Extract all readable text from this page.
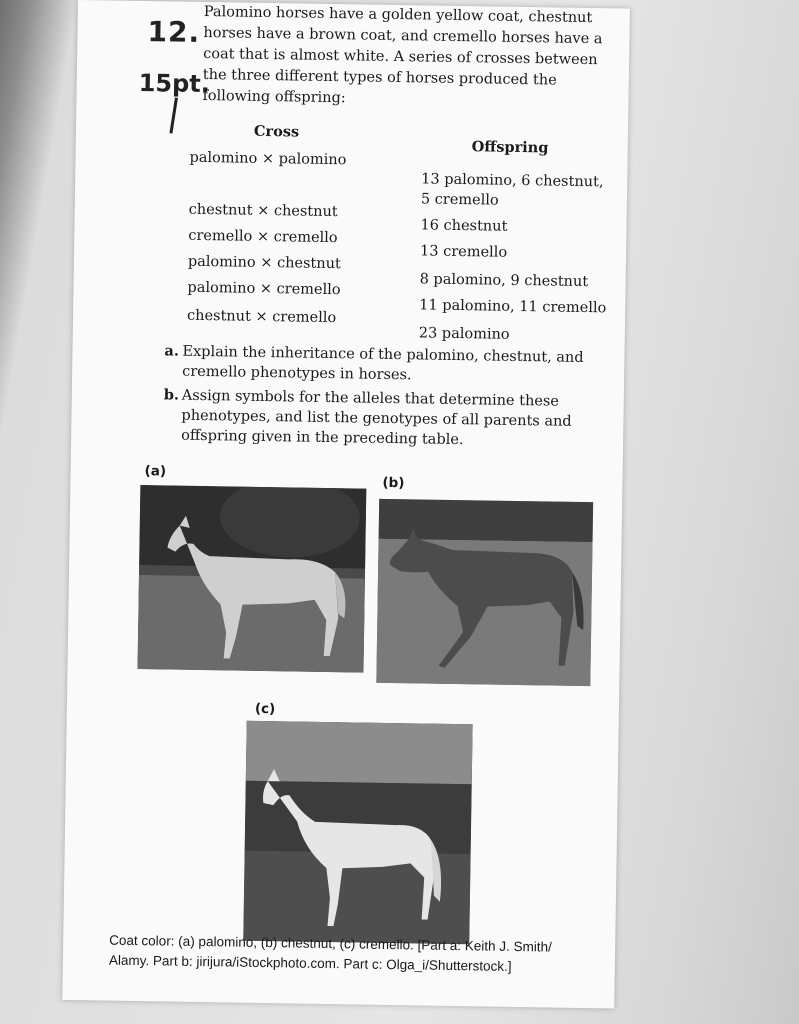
12.
15pt.
Palomino horses have a golden yellow coat, chestnut horses have a brown coat, and cremello horses have a coat that is almost white. A series of crosses between the three different types of horses produced the following offspring:
Cross
Offspring
palomino × palomino
13 palomino, 6 chestnut,
5 cremello
chestnut × chestnut
16 chestnut
cremello × cremello
13 cremello
palomino × chestnut
8 palomino, 9 chestnut
palomino × cremello
11 palomino, 11 cremello
chestnut × cremello
23 palomino
a. Explain the inheritance of the palomino, chestnut, and cremello phenotypes in horses.
b. Assign symbols for the alleles that determine these phenotypes, and list the genotypes of all parents and offspring given in the preceding table.
(a)
(b)
(c)
Coat color: (a) palomino, (b) chestnut, (c) cremello. [Part a: Keith J. Smith/
Alamy. Part b: jirijura/iStockphoto.com. Part c: Olga_i/Shutterstock.]
